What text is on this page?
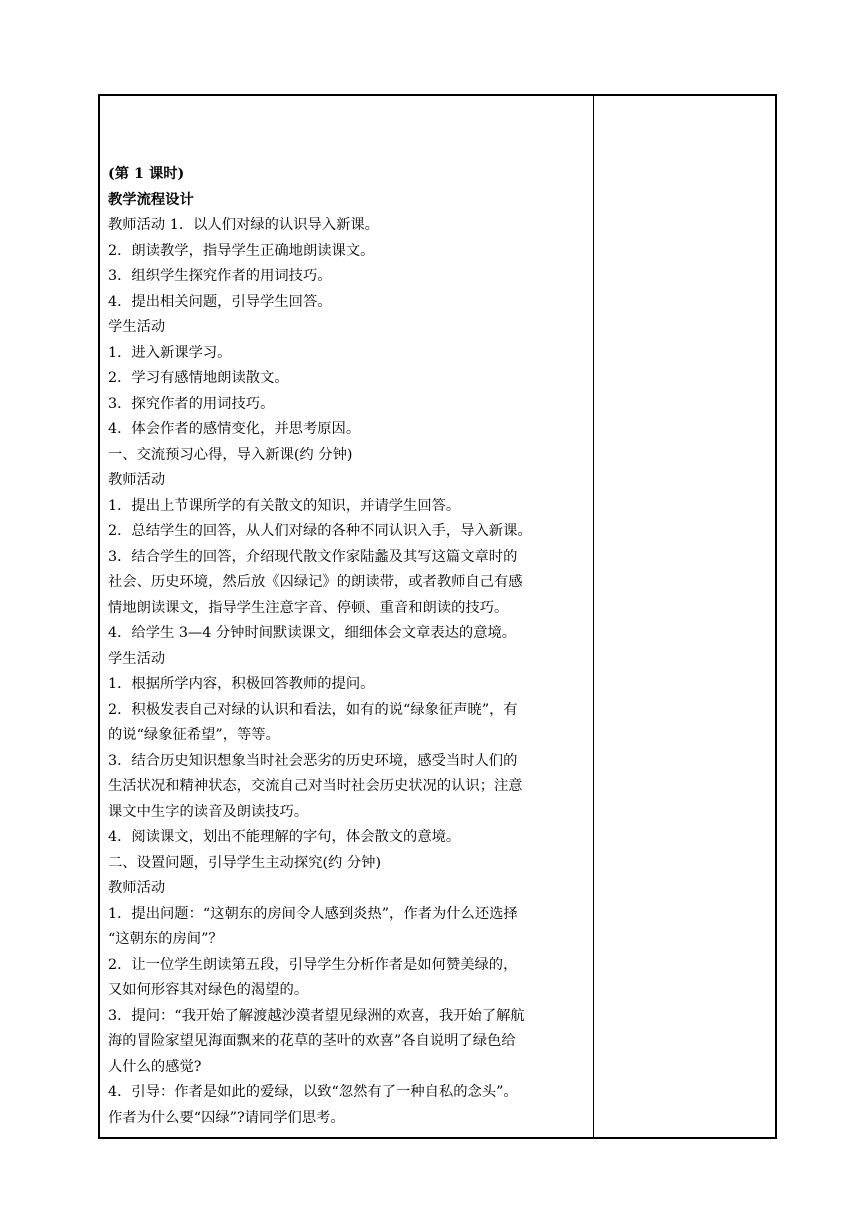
(第 1 课时)
教学流程设计
教师活动 1．以人们对绿的认识导入新课。
2．朗读教学，指导学生正确地朗读课文。
3．组织学生探究作者的用词技巧。
4．提出相关问题，引导学生回答。
学生活动
1．进入新课学习。
2．学习有感情地朗读散文。
3．探究作者的用词技巧。
4．体会作者的感情变化，并思考原因。
一、交流预习心得，导入新课(约 分钟)
教师活动
1．提出上节课所学的有关散文的知识，并请学生回答。
2．总结学生的回答，从人们对绿的各种不同认识入手，导入新课。
3．结合学生的回答，介绍现代散文作家陆蠡及其写这篇文章时的
社会、历史环境，然后放《囚绿记》的朗读带，或者教师自己有感
情地朗读课文，指导学生注意字音、停顿、重音和朗读的技巧。
4．给学生 3—4 分钟时间默读课文，细细体会文章表达的意境。
学生活动
1．根据所学内容，积极回答教师的提问。
2．积极发表自己对绿的认识和看法，如有的说“绿象征声暁”，有
的说“绿象征希望”，等等。
3．结合历史知识想象当时社会恶劣的历史环境，感受当时人们的
生活状况和精神状态，交流自己对当时社会历史状况的认识；注意
课文中生字的读音及朗读技巧。
4．阅读课文，划出不能理解的字句，体会散文的意境。
二、设置问题，引导学生主动探究(约 分钟)
教师活动
1．提出问题：“这朝东的房间令人感到炎热”，作者为什么还选择
“这朝东的房间”？
2．让一位学生朗读第五段，引导学生分析作者是如何赞美绿的，
又如何形容其对绿色的渴望的。
3．提问：“我开始了解渡越沙漠者望见绿洲的欢喜，我开始了解航
海的冒险家望见海面飘来的花草的茎叶的欢喜”各自说明了绿色给
人什么的感觉?
4．引导：作者是如此的爱绿，以致“忽然有了一种自私的念头”。
作者为什么要“囚绿”?请同学们思考。
